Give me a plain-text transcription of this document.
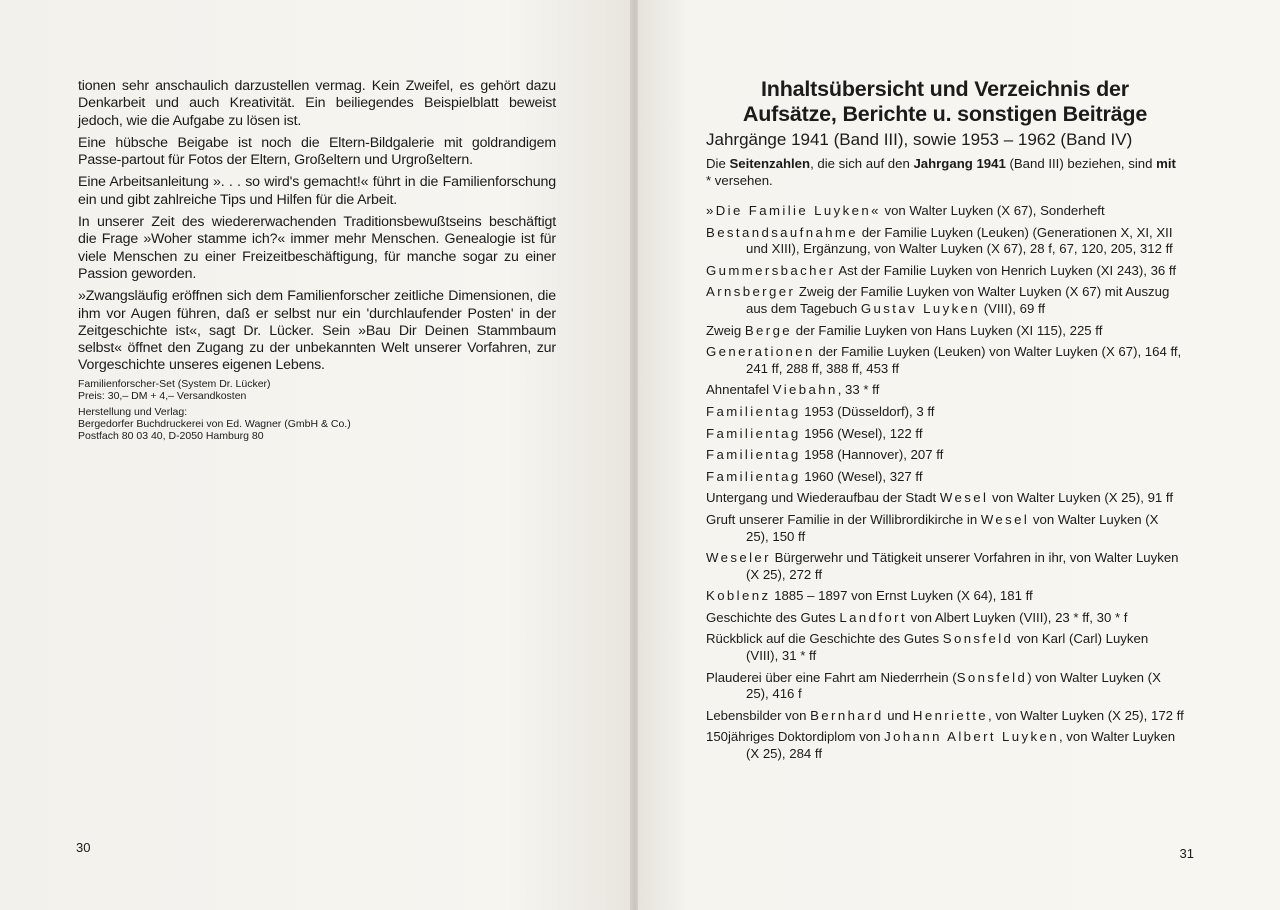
tionen sehr anschaulich darzustellen vermag. Kein Zweifel, es gehört dazu Denkarbeit und auch Kreativität. Ein beiliegendes Beispielblatt beweist jedoch, wie die Aufgabe zu lösen ist.

Eine hübsche Beigabe ist noch die Eltern-Bildgalerie mit goldrandigem Passe-partout für Fotos der Eltern, Großeltern und Urgroßeltern.

Eine Arbeitsanleitung ». . . so wird's gemacht!« führt in die Familienforschung ein und gibt zahlreiche Tips und Hilfen für die Arbeit.

In unserer Zeit des wiedererwachenden Traditionsbewußtseins beschäftigt die Frage »Woher stamme ich?« immer mehr Menschen. Genealogie ist für viele Menschen zu einer Freizeitbeschäftigung, für manche sogar zu einer Passion geworden.

»Zwangsläufig eröffnen sich dem Familienforscher zeitliche Dimensionen, die ihm vor Augen führen, daß er selbst nur ein 'durchlaufender Posten' in der Zeitgeschichte ist«, sagt Dr. Lücker. Sein »Bau Dir Deinen Stammbaum selbst« öffnet den Zugang zu der unbekannten Welt unserer Vorfahren, zur Vorgeschichte unseres eigenen Lebens.

Familienforscher-Set (System Dr. Lücker)

Preis: 30,– DM + 4,– Versandkosten

Herstellung und Verlag:

Bergedorfer Buchdruckerei von Ed. Wagner (GmbH & Co.)

Postfach 80 03 40, D-2050 Hamburg 80

30
Inhaltsübersicht und Verzeichnis der
Aufsätze, Berichte u. sonstigen Beiträge

Jahrgänge 1941 (Band III), sowie 1953 – 1962 (Band IV)

Die Seitenzahlen, die sich auf den Jahrgang 1941 (Band III) beziehen, sind mit * versehen.

»Die Familie Luyken« von Walter Luyken (X 67), Sonderheft

Bestandsaufnahme der Familie Luyken (Leuken) (Generationen X, XI, XII und XIII), Ergänzung, von Walter Luyken (X 67), 28 f, 67, 120, 205, 312 ff

Gummersbacher Ast der Familie Luyken von Henrich Luyken (XI 243), 36 ff

Arnsberger Zweig der Familie Luyken von Walter Luyken (X 67) mit Auszug aus dem Tagebuch Gustav Luyken (VIII), 69 ff

Zweig Berge der Familie Luyken von Hans Luyken (XI 115), 225 ff

Generationen der Familie Luyken (Leuken) von Walter Luyken (X 67), 164 ff, 241 ff, 288 ff, 388 ff, 453 ff

Ahnentafel Viebahn, 33 * ff

Familientag 1953 (Düsseldorf), 3 ff

Familientag 1956 (Wesel), 122 ff

Familientag 1958 (Hannover), 207 ff

Familientag 1960 (Wesel), 327 ff

Untergang und Wiederaufbau der Stadt Wesel von Walter Luyken (X 25), 91 ff

Gruft unserer Familie in der Willibrordikirche in Wesel von Walter Luyken (X 25), 150 ff

Weseler Bürgerwehr und Tätigkeit unserer Vorfahren in ihr, von Walter Luyken (X 25), 272 ff

Koblenz 1885 – 1897 von Ernst Luyken (X 64), 181 ff

Geschichte des Gutes Landfort von Albert Luyken (VIII), 23 * ff, 30 * f

Rückblick auf die Geschichte des Gutes Sonsfeld von Karl (Carl) Luyken (VIII), 31 * ff

Plauderei über eine Fahrt am Niederrhein (Sonsfeld) von Walter Luyken (X 25), 416 f

Lebensbilder von Bernhard und Henriette, von Walter Luyken (X 25), 172 ff

150jähriges Doktordiplom von Johann Albert Luyken, von Walter Luyken (X 25), 284 ff

31
